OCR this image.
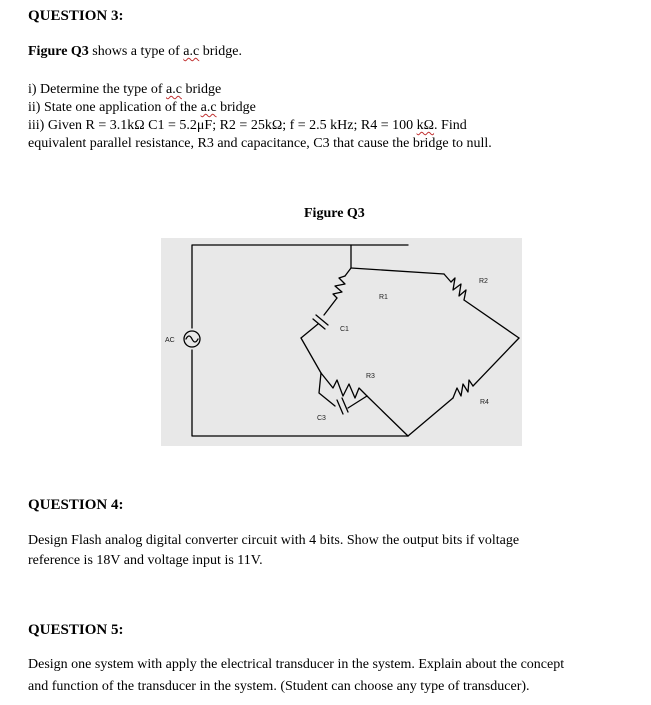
QUESTION 3:
Figure Q3 shows a type of a.c bridge.
i) Determine the type of a.c bridge
ii) State one application of the a.c bridge
iii) Given R = 3.1kΩ C1 = 5.2μF; R2 = 25kΩ; f = 2.5 kHz; R4 = 100 kΩ. Find
equivalent parallel resistance, R3 and capacitance, C3 that cause the bridge to null.
Figure Q3
AC
R1
R2
C1
R3
R4
C3
QUESTION 4:
Design Flash analog digital converter circuit with 4 bits. Show the output bits if voltage
reference is 18V and voltage input is 11V.
QUESTION 5:
Design one system with apply the electrical transducer in the system. Explain about the concept
and function of the transducer in the system. (Student can choose any type of transducer).
